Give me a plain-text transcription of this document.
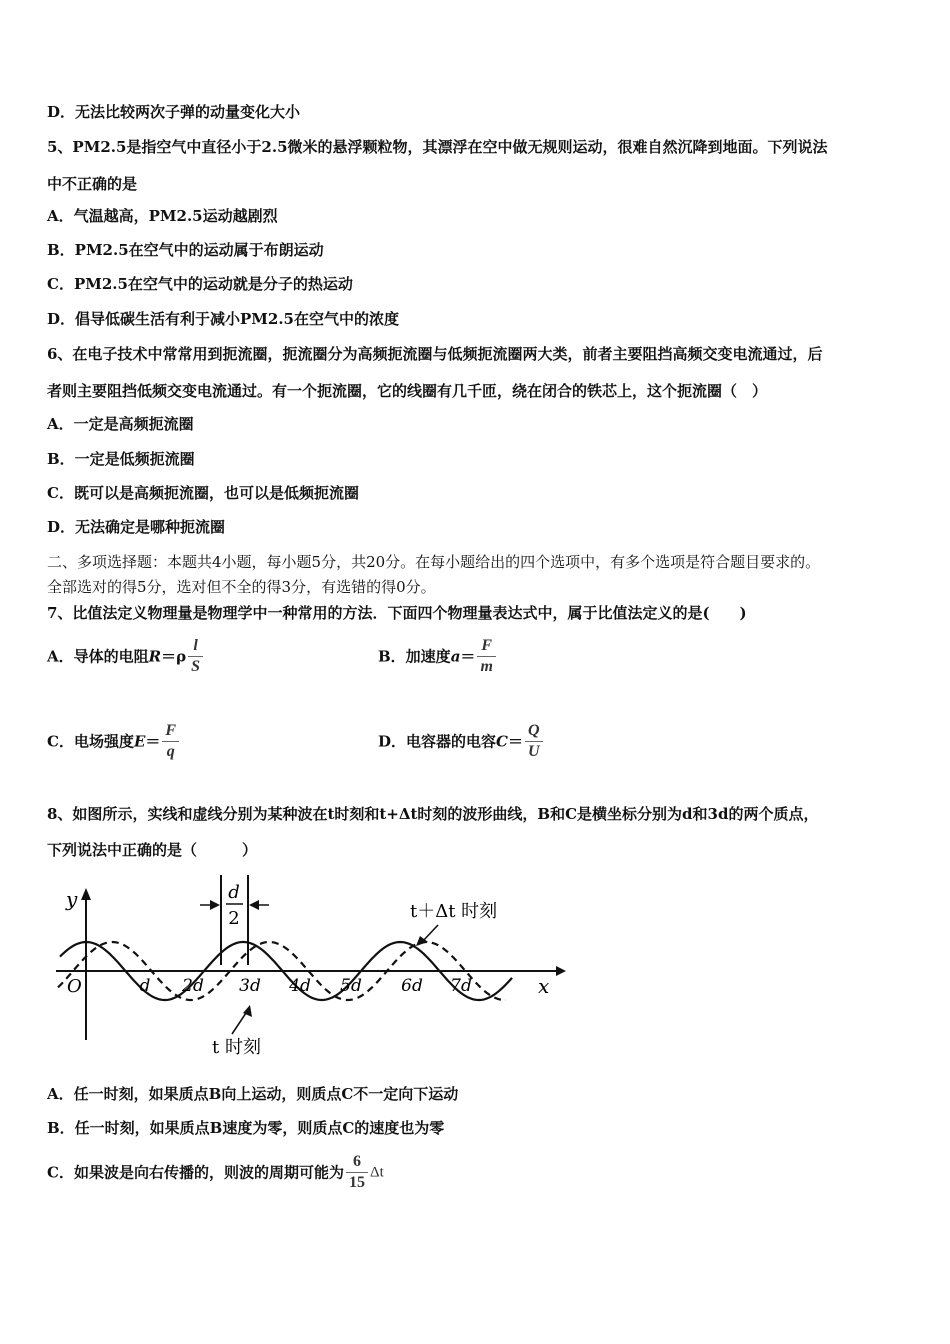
D．无法比较两次子弹的动量变化大小
5、PM2.5是指空气中直径小于2.5微米的悬浮颗粒物，其漂浮在空中做无规则运动，很难自然沉降到地面。下列说法
中不正确的是
A．气温越高，PM2.5运动越剧烈
B．PM2.5在空气中的运动属于布朗运动
C．PM2.5在空气中的运动就是分子的热运动
D．倡导低碳生活有利于减小PM2.5在空气中的浓度
6、在电子技术中常常用到扼流圈，扼流圈分为高频扼流圈与低频扼流圈两大类，前者主要阻挡高频交变电流通过，后
者则主要阻挡低频交变电流通过。有一个扼流圈，它的线圈有几千匝，绕在闭合的铁芯上，这个扼流圈（　）
A．一定是高频扼流圈
B．一定是低频扼流圈
C．既可以是高频扼流圈，也可以是低频扼流圈
D．无法确定是哪种扼流圈
二、多项选择题：本题共4小题，每小题5分，共20分。在每小题给出的四个选项中，有多个选项是符合题目要求的。
全部选对的得5分，选对但不全的得3分，有选错的得0分。
7、比值法定义物理量是物理学中一种常用的方法．下面四个物理量表达式中，属于比值法定义的是(　　)
A．导体的电阻$R=\rho \frac{l}{S}$	B．加速度$a= \frac{F}{m}$
C．电场强度$E= \frac{F}{q}$	D．电容器的电容$C= \frac{Q}{U}$
8、如图所示，实线和虚线分别为某种波在t时刻和t+Δt时刻的波形曲线，B和C是横坐标分别为d和3d的两个质点，
下列说法中正确的是（　　　）
y
x
O	d 2d 3d 4d 5d 6d 7d
d
2	t＋Δt 时刻
t 时刻
A．任一时刻，如果质点B向上运动，则质点C不一定向下运动
B．任一时刻，如果质点B速度为零，则质点C的速度也为零
C．如果波是向右传播的，则波的周期可能为 $\frac{6}{15}$ Δt
